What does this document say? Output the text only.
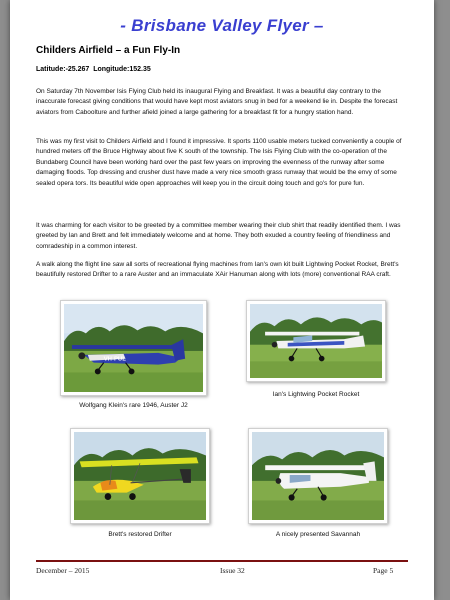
- Brisbane Valley Flyer –
Childers Airfield – a Fun Fly-In
Latitude:-25.267 Longitude:152.35

On Saturday 7th November Isis Flying Club held its inaugural Flying and Breakfast. It was a beautiful day contrary to the inaccurate forecast giving conditions that would have kept most aviators snug in bed for a weekend lie in. Despite the forecast aviators from Caboolture and further afield joined a large gathering for a breakfast fit for a hungry station hand.

This was my first visit to Childers Airfield and I found it impressive. It sports 1100 usable meters tucked conveniently a couple of hundred meters off the Bruce Highway about five K south of the township. The Isis Flying Club with the co-operation of the Bundaberg Council have been working hard over the past few years on improving the evenness of the runway after some damaging floods. Top dressing and crusher dust have made a very nice smooth grass runway that would be the envy of some sealed opera tors. Its beautiful wide open approaches will keep you in the circuit doing touch and go's for pure fun.

It was charming for each visitor to be greeted by a committee member wearing their club shirt that readily identified them. I was greeted by Ian and Brett and felt immediately welcome and at home. They both exuded a country feeling of friendliness and comradeship in a common interest.

A walk along the flight line saw all sorts of recreational flying machines from Ian's own kit built Lightwing Pocket Rocket, Brett's beautifully restored Drifter to a rare Auster and an immaculate XAir Hanuman along with lots (more) conventional RAA craft.

VH-PUL
Wolfgang Klein's rare 1946, Auster J2
Ian's Lightwing Pocket Rocket
Brett's restored Drifter	A nicely presented Savannah
December – 2015	Issue 32	Page 5
